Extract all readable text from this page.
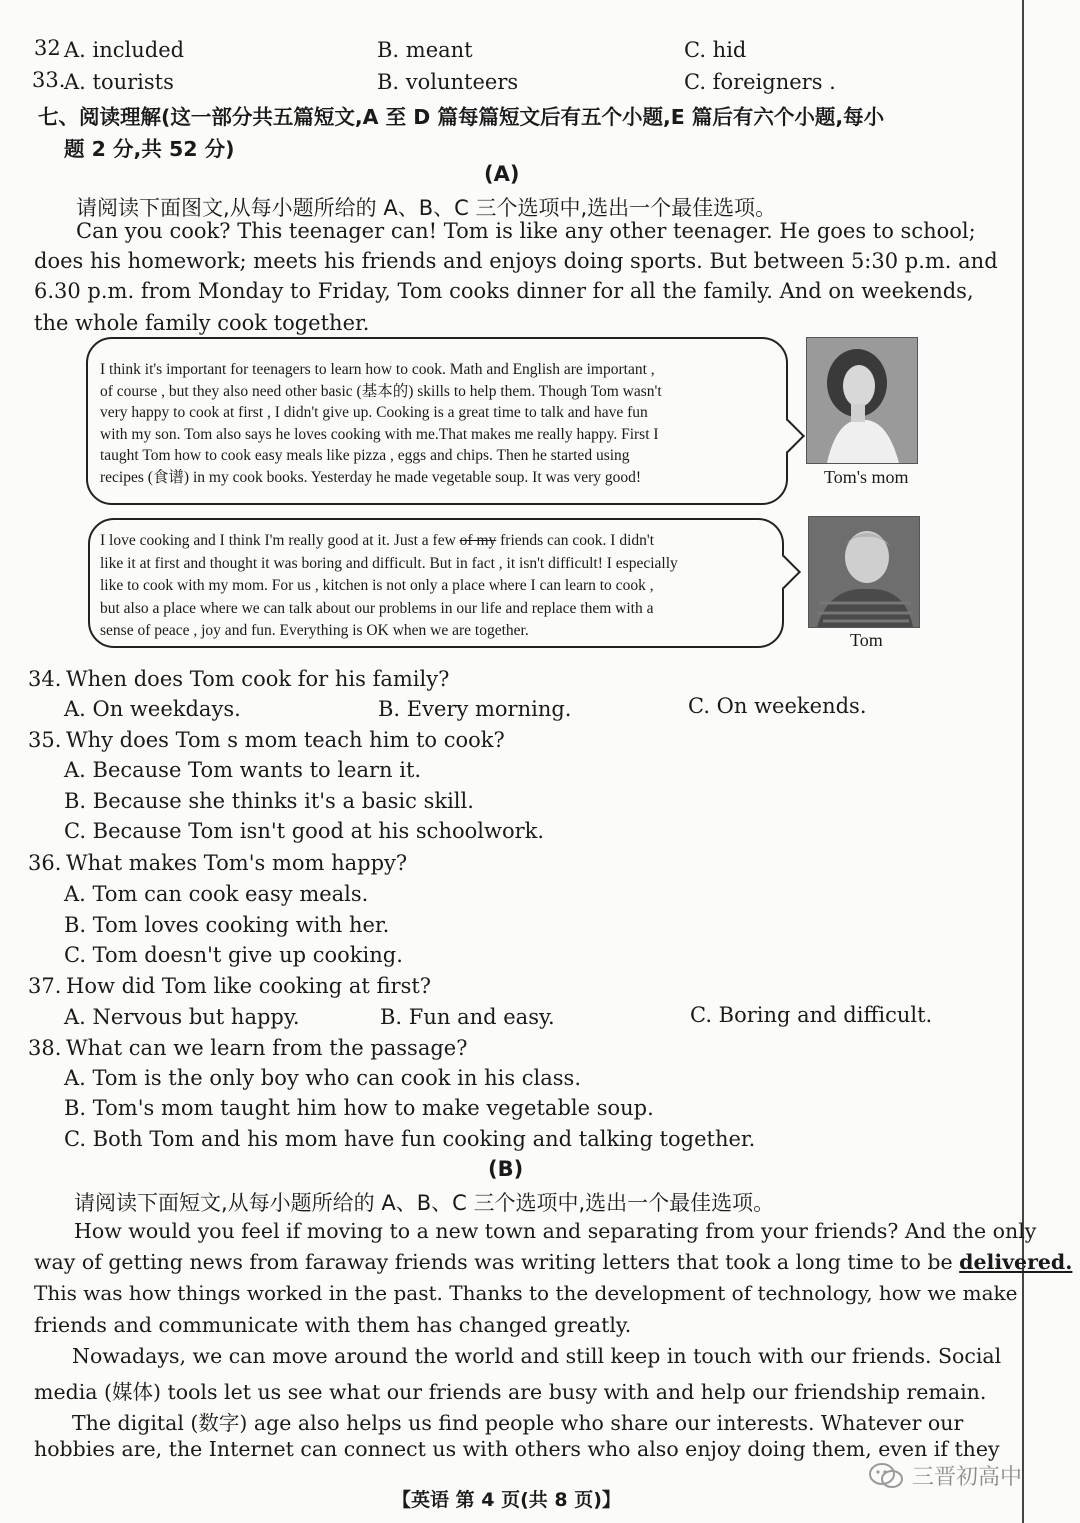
32 A. included	B. meant	C. hid
33.
A. tourists	B. volunteers	C. foreigners .
七、阅读理解(这一部分共五篇短文,A 至 D 篇每篇短文后有五个小题,E 篇后有六个小题,每小
题 2 分,共 52 分)
(A)
请阅读下面图文,从每小题所给的 A、B、C 三个选项中,选出一个最佳选项。
Can you cook? This teenager can! Tom is like any other teenager. He goes to school;
does his homework; meets his friends and enjoys doing sports. But between 5:30 p.m. and
6.30 p.m. from Monday to Friday, Tom cooks dinner for all the family. And on weekends,
the whole family cook together.
I think it's important for teenagers to learn how to cook. Math and English are important ,
of course , but they also need other basic (基本的) skills to help them. Though Tom wasn't
very happy to cook at first , I didn't give up. Cooking is a great time to talk and have fun
with my son. Tom also says he loves cooking with me.That makes me really happy. First I
taught Tom how to cook easy meals like pizza , eggs and chips. Then he started using
recipes (食谱) in my cook books. Yesterday he made vegetable soup. It was very good!	Tom's mom
I love cooking and I think I'm really good at it. Just a few of my friends can cook. I didn't
like it at first and thought it was boring and difficult. But in fact , it isn't difficult! I especially
like to cook with my mom. For us , kitchen is not only a place where I can learn to cook ,
but also a place where we can talk about our problems in our life and replace them with a
sense of peace , joy and fun. Everything is OK when we are together.	Tom
34. When does Tom cook for his family?
A. On weekdays.	B. Every morning.	C. On weekends.
35. Why does Tom s mom teach him to cook?
A. Because Tom wants to learn it.
B. Because she thinks it's a basic skill.
C. Because Tom isn't good at his schoolwork.
36. What makes Tom's mom happy?
A. Tom can cook easy meals.
B. Tom loves cooking with her.
C. Tom doesn't give up cooking.
37. How did Tom like cooking at first?
A. Nervous but happy.	B. Fun and easy.	C. Boring and difficult.
38. What can we learn from the passage?
A. Tom is the only boy who can cook in his class.
B. Tom's mom taught him how to make vegetable soup.
C. Both Tom and his mom have fun cooking and talking together.
(B)
请阅读下面短文,从每小题所给的 A、B、C 三个选项中,选出一个最佳选项。
How would you feel if moving to a new town and separating from your friends? And the only
way of getting news from faraway friends was writing letters that took a long time to be delivered.
This was how things worked in the past. Thanks to the development of technology, how we make
friends and communicate with them has changed greatly.
Nowadays, we can move around the world and still keep in touch with our friends. Social
media (媒体) tools let us see what our friends are busy with and help our friendship remain.
The digital (数字) age also helps us find people who share our interests. Whatever our
hobbies are, the Internet can connect us with others who also enjoy doing them, even if they
【英语 第 4 页(共 8 页)】
三晋初高中
